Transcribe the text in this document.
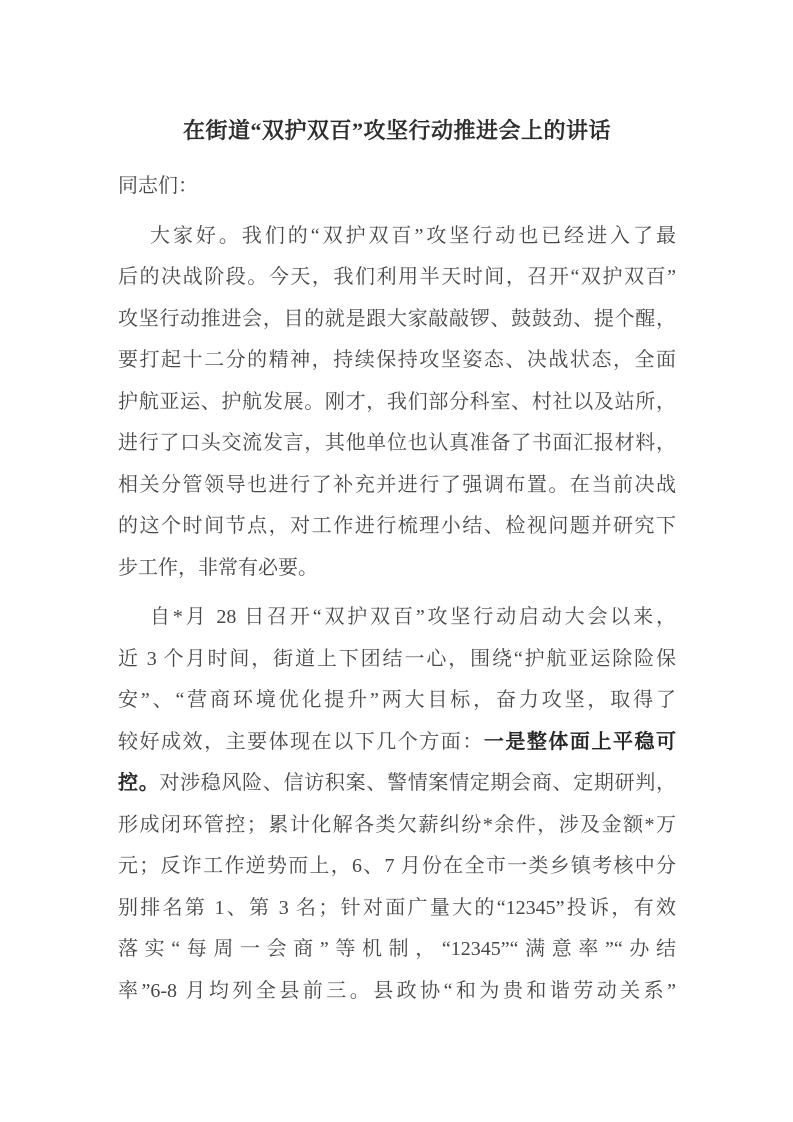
在街道“双护双百”攻坚行动推进会上的讲话
同志们：
大家好。我们的“双护双百”攻坚行动也已经进入了最
后的决战阶段。今天，我们利用半天时间，召开“双护双百”
攻坚行动推进会，目的就是跟大家敲敲锣、鼓鼓劲、提个醒，
要打起十二分的精神，持续保持攻坚姿态、决战状态，全面
护航亚运、护航发展。刚才，我们部分科室、村社以及站所，
进行了口头交流发言，其他单位也认真准备了书面汇报材料，
相关分管领导也进行了补充并进行了强调布置。在当前决战
的这个时间节点，对工作进行梳理小结、检视问题并研究下
步工作，非常有必要。
自*月 28 日召开“双护双百”攻坚行动启动大会以来，
近 3 个月时间，街道上下团结一心，围绕“护航亚运除险保
安”、“营商环境优化提升”两大目标，奋力攻坚，取得了
较好成效，主要体现在以下几个方面：一是整体面上平稳可
控。对涉稳风险、信访积案、警情案情定期会商、定期研判，
形成闭环管控；累计化解各类欠薪纠纷*余件，涉及金额*万
元；反诈工作逆势而上，6、7 月份在全市一类乡镇考核中分
别排名第 1、第 3 名；针对面广量大的“12345”投诉，有效
落实“每周一会商”等机制，“12345”“满意率”“办结
率”6-8 月均列全县前三。县政协“和为贵和谐劳动关系”
